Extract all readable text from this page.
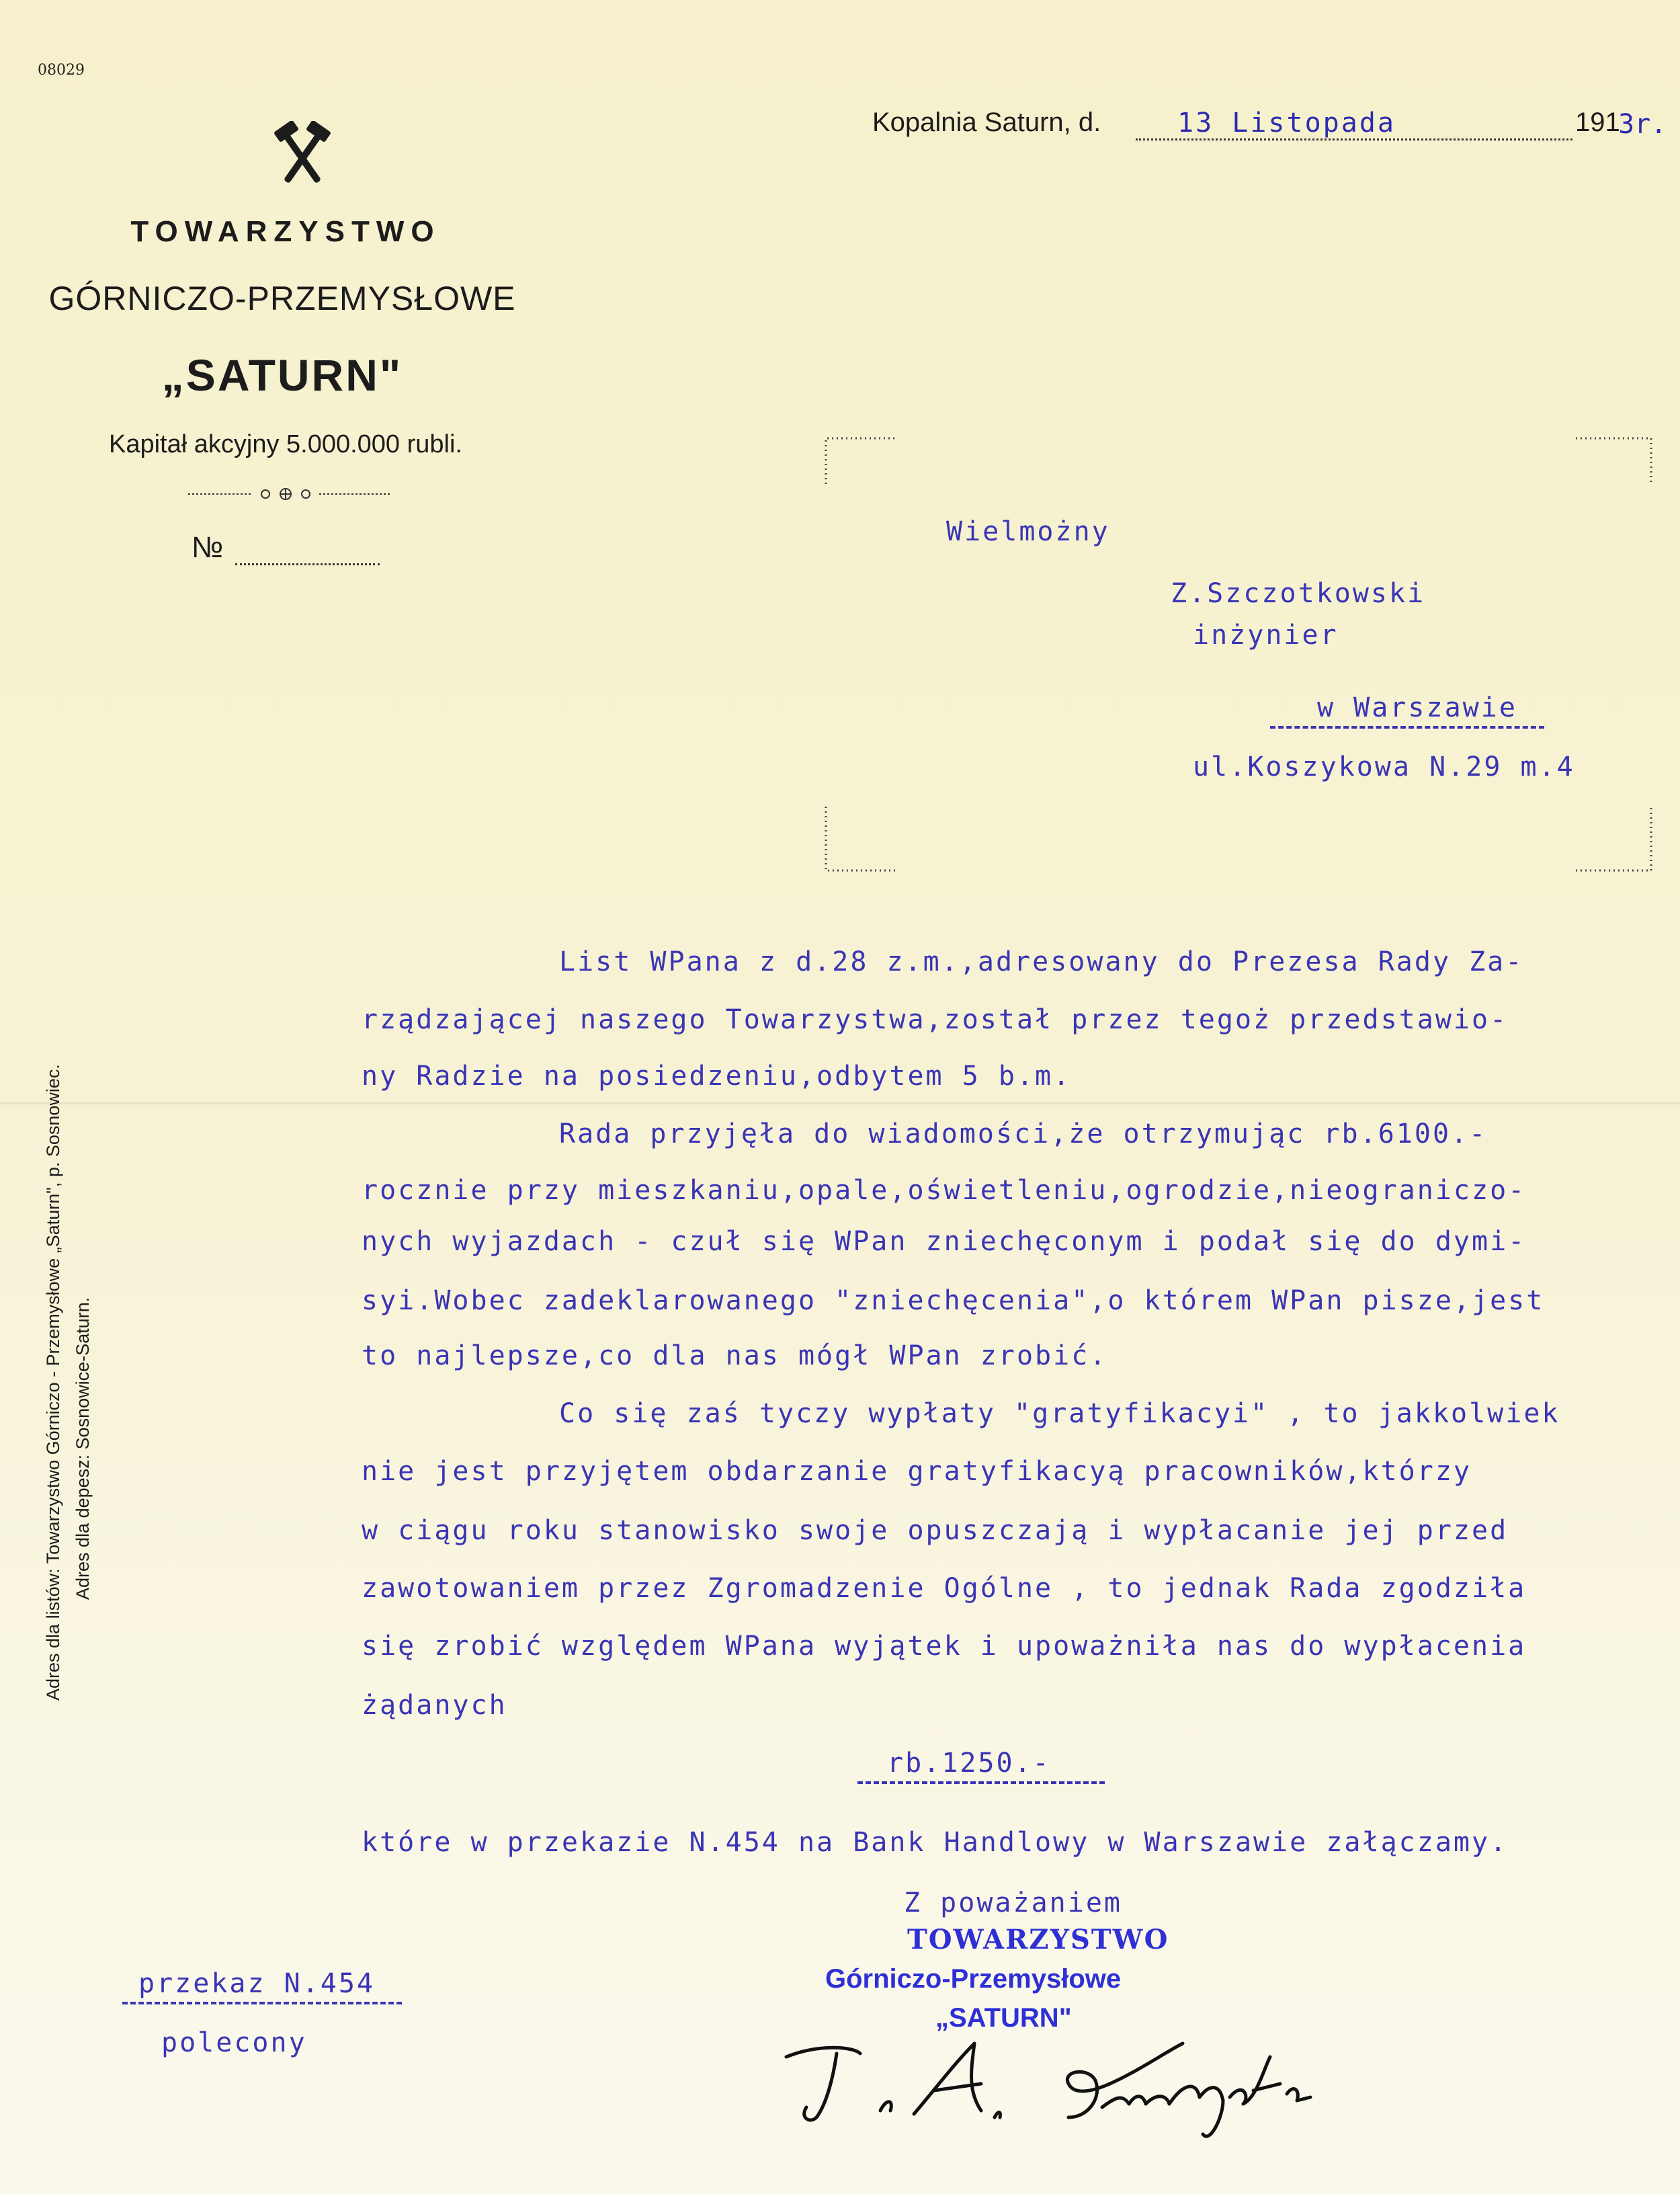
08029
TOWARZYSTWO
GÓRNICZO-PRZEMYSŁOWE
„SATURN"
Kapitał akcyjny 5.000.000 rubli.
№
Adres dla listów: Towarzystwo Górniczo - Przemysłowe „Saturn", p. Sosnowiec. Adres dla depesz: Sosnowice-Saturn.
Kopalnia Saturn, d.	13 Listopada	191
3r.
Wielmożny
Z.Szczotkowski
inżynier
w Warszawie
ul.Koszykowa N.29 m.4
List WPana z d.28 z.m.,adresowany do Prezesa Rady Za-
rządzającej naszego Towarzystwa,został przez tegoż przedstawio-
ny Radzie na posiedzeniu,odbytem 5 b.m.
Rada przyjęła do wiadomości,że otrzymując rb.6100.-
rocznie przy mieszkaniu,opale,oświetleniu,ogrodzie,nieograniczo-
nych wyjazdach - czuł się WPan zniechęconym i podał się do dymi-
syi.Wobec zadeklarowanego "zniechęcenia",o którem WPan pisze,jest
to najlepsze,co dla nas mógł WPan zrobić.
Co się zaś tyczy wypłaty "gratyfikacyi" , to jakkolwiek
nie jest przyjętem obdarzanie gratyfikacyą pracowników,którzy
w ciągu roku stanowisko swoje opuszczają i wypłacanie jej przed
zawotowaniem przez Zgromadzenie Ogólne , to jednak Rada zgodziła
się zrobić względem WPana wyjątek i upoważniła nas do wypłacenia
żądanych
rb.1250.-
które w przekazie N.454 na Bank Handlowy w Warszawie załączamy.
Z poważaniem
TOWARZYSTWO
Górniczo-Przemysłowe
„SATURN"
przekaz N.454
polecony
